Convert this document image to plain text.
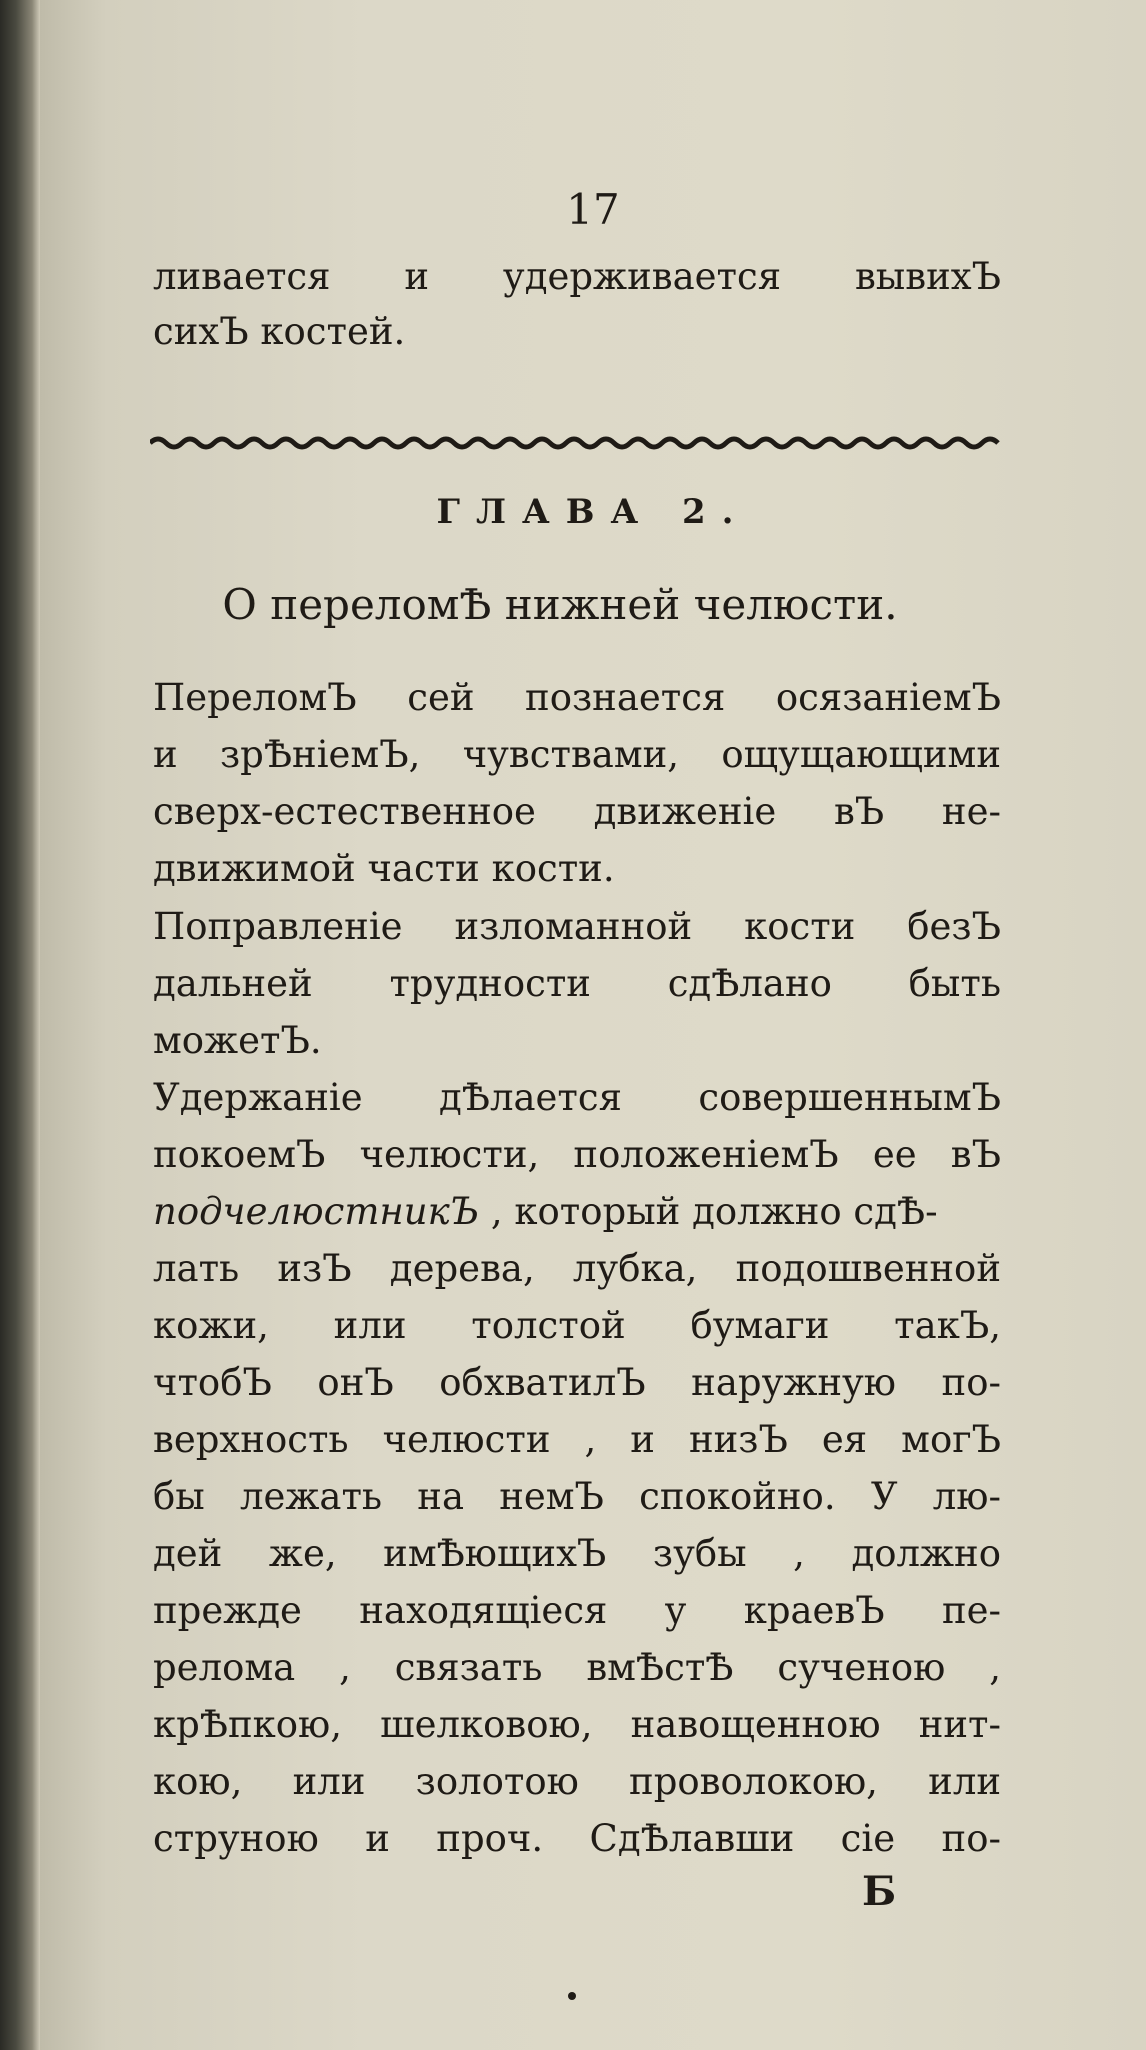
17
ливается и удерживается вывихЪ
сихЪ костей.
ГЛАВА 2.
О переломѢ нижней челюсти.
ПереломЪ сей познается осязаніемЪ
и зрѢніемЪ, чувствами, ощущающими
сверх-естественное движеніе вЪ не-
движимой части кости.
Поправленіе изломанной кости безЪ
дальней трудности сдѢлано быть
можетЪ.
Удержаніе дѢлается совершеннымЪ
покоемЪ челюсти, положеніемЪ ее вЪ
подчелюстникЪ , который должно сдѢ-
лать изЪ дерева, лубка, подошвенной
кожи, или толстой бумаги такЪ,
чтобЪ онЪ обхватилЪ наружную по-
верхность челюсти , и низЪ ея могЪ
бы лежать на немЪ спокойно. У лю-
дей же, имѢющихЪ зубы , должно
прежде находящіеся у краевЪ пе-
релома , связать вмѢстѢ сученою ,
крѢпкою, шелковою, навощенною нит-
кою, или золотою проволокою, или
струною и проч. СдѢлавши сіе по-
Б
